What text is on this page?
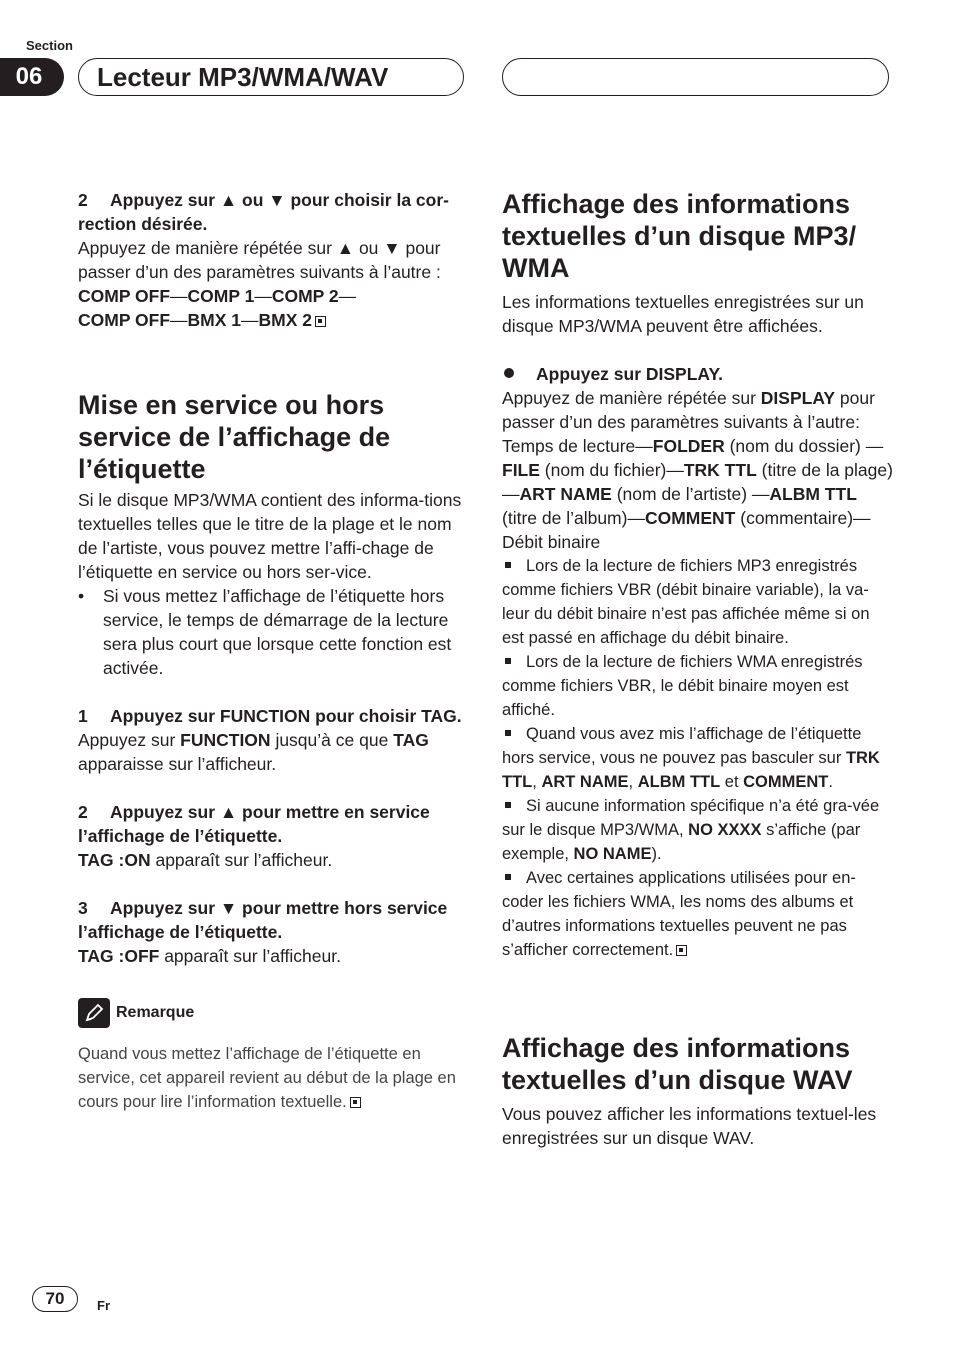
Section
06	Lecteur MP3/WMA/WAV

2 Appuyez sur ▲ ou ▼ pour choisir la cor-rection désirée.

Appuyez de manière répétée sur ▲ ou ▼ pour passer d’un des paramètres suivants à l’autre :

COMP OFF—COMP 1—COMP 2—

COMP OFF—BMX 1—BMX 2

Mise en service ou hors service de l’affichage de l’étiquette

Si le disque MP3/WMA contient des informa-tions textuelles telles que le titre de la plage et le nom de l’artiste, vous pouvez mettre l’affi-chage de l’étiquette en service ou hors ser-vice.

• Si vous mettez l’affichage de l’étiquette hors service, le temps de démarrage de la lecture sera plus court que lorsque cette fonction est activée.

1 Appuyez sur FUNCTION pour choisir TAG.

Appuyez sur FUNCTION jusqu’à ce que TAG apparaisse sur l’afficheur.

2 Appuyez sur ▲ pour mettre en service l’affichage de l’étiquette.

TAG :ON apparaît sur l’afficheur.

3 Appuyez sur ▼ pour mettre hors service l’affichage de l’étiquette.

TAG :OFF apparaît sur l’afficheur.

Remarque

Quand vous mettez l’affichage de l’étiquette en service, cet appareil revient au début de la plage en cours pour lire l’information textuelle.

Affichage des informations textuelles d’un disque MP3/ WMA

Les informations textuelles enregistrées sur un disque MP3/WMA peuvent être affichées.

Appuyez sur DISPLAY.

Appuyez de manière répétée sur DISPLAY pour passer d’un des paramètres suivants à l’autre:

Temps de lecture—FOLDER (nom du dossier) —FILE (nom du fichier)—TRK TTL (titre de la plage)—ART NAME (nom de l’artiste) —ALBM TTL (titre de l’album)—COMMENT (commentaire)—Débit binaire

Lors de la lecture de fichiers MP3 enregistrés comme fichiers VBR (débit binaire variable), la va-leur du débit binaire n’est pas affichée même si on est passé en affichage du débit binaire.

Lors de la lecture de fichiers WMA enregistrés comme fichiers VBR, le débit binaire moyen est affiché.

Quand vous avez mis l’affichage de l’étiquette hors service, vous ne pouvez pas basculer sur TRK TTL, ART NAME, ALBM TTL et COMMENT.

Si aucune information spécifique n’a été gra-vée sur le disque MP3/WMA, NO XXXX s’affiche (par exemple, NO NAME).

Avec certaines applications utilisées pour en-coder les fichiers WMA, les noms des albums et d’autres informations textuelles peuvent ne pas s’afficher correctement.

Affichage des informations textuelles d’un disque WAV

Vous pouvez afficher les informations textuel-les enregistrées sur un disque WAV.

70	Fr
